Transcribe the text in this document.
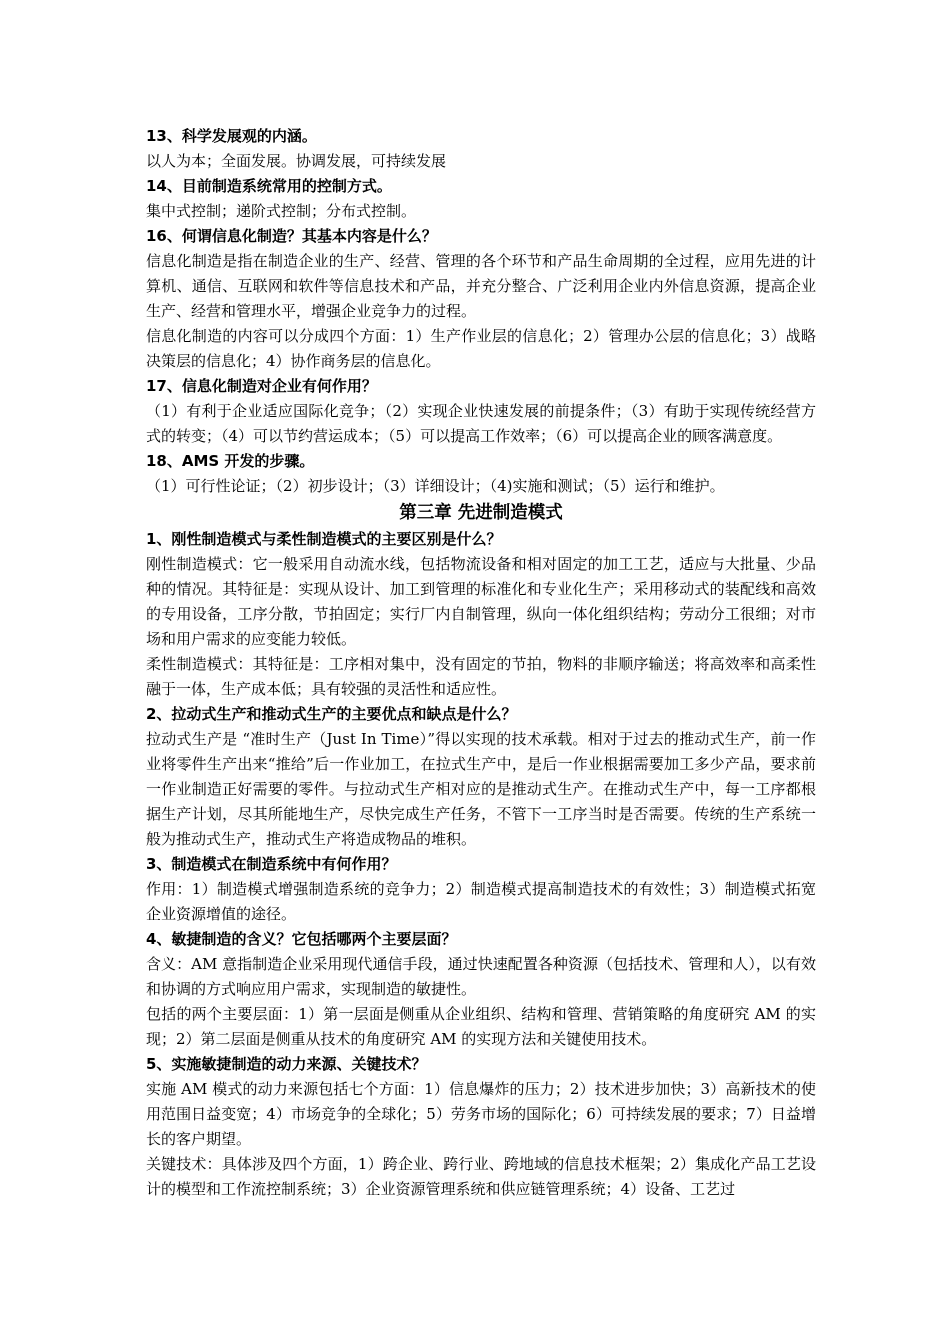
13、科学发展观的内涵。

以人为本；全面发展。协调发展，可持续发展

14、目前制造系统常用的控制方式。

集中式控制；递阶式控制；分布式控制。

16、何谓信息化制造？其基本内容是什么？

信息化制造是指在制造企业的生产、经营、管理的各个环节和产品生命周期的全过程，应用先进的计算机、通信、互联网和软件等信息技术和产品，并充分整合、广泛利用企业内外信息资源，提高企业生产、经营和管理水平，增强企业竞争力的过程。

信息化制造的内容可以分成四个方面：1）生产作业层的信息化；2）管理办公层的信息化；3）战略决策层的信息化；4）协作商务层的信息化。

17、信息化制造对企业有何作用？

（1）有利于企业适应国际化竞争；（2）实现企业快速发展的前提条件；（3）有助于实现传统经营方式的转变；（4）可以节约营运成本；（5）可以提高工作效率；（6）可以提高企业的顾客满意度。

18、AMS 开发的步骤。

（1）可行性论证；（2）初步设计；（3）详细设计；（4)实施和测试；（5）运行和维护。

第三章 先进制造模式

1、刚性制造模式与柔性制造模式的主要区别是什么？

刚性制造模式：它一般采用自动流水线，包括物流设备和相对固定的加工工艺，适应与大批量、少品种的情况。其特征是：实现从设计、加工到管理的标准化和专业化生产；采用移动式的装配线和高效的专用设备，工序分散，节拍固定；实行厂内自制管理，纵向一体化组织结构；劳动分工很细；对市场和用户需求的应变能力较低。

柔性制造模式：其特征是：工序相对集中，没有固定的节拍，物料的非顺序输送；将高效率和高柔性融于一体，生产成本低；具有较强的灵活性和适应性。

2、拉动式生产和推动式生产的主要优点和缺点是什么？

拉动式生产是 “准时生产（Just In Time）”得以实现的技术承载。相对于过去的推动式生产，前一作业将零件生产出来“推给”后一作业加工，在拉式生产中，是后一作业根据需要加工多少产品，要求前一作业制造正好需要的零件。与拉动式生产相对应的是推动式生产。在推动式生产中，每一工序都根据生产计划，尽其所能地生产，尽快完成生产任务，不管下一工序当时是否需要。传统的生产系统一般为推动式生产，推动式生产将造成物品的堆积。

3、制造模式在制造系统中有何作用？

作用：1）制造模式增强制造系统的竞争力；2）制造模式提高制造技术的有效性；3）制造模式拓宽企业资源增值的途径。

4、敏捷制造的含义？它包括哪两个主要层面？

含义：AM 意指制造企业采用现代通信手段，通过快速配置各种资源（包括技术、管理和人），以有效和协调的方式响应用户需求，实现制造的敏捷性。

包括的两个主要层面：1）第一层面是侧重从企业组织、结构和管理、营销策略的角度研究 AM 的实现；2）第二层面是侧重从技术的角度研究 AM 的实现方法和关键使用技术。

5、实施敏捷制造的动力来源、关键技术？

实施 AM 模式的动力来源包括七个方面：1）信息爆炸的压力；2）技术进步加快；3）高新技术的使用范围日益变宽；4）市场竞争的全球化；5）劳务市场的国际化；6）可持续发展的要求；7）日益增长的客户期望。

关键技术：具体涉及四个方面，1）跨企业、跨行业、跨地域的信息技术框架；2）集成化产品工艺设计的模型和工作流控制系统；3）企业资源管理系统和供应链管理系统；4）设备、工艺过
